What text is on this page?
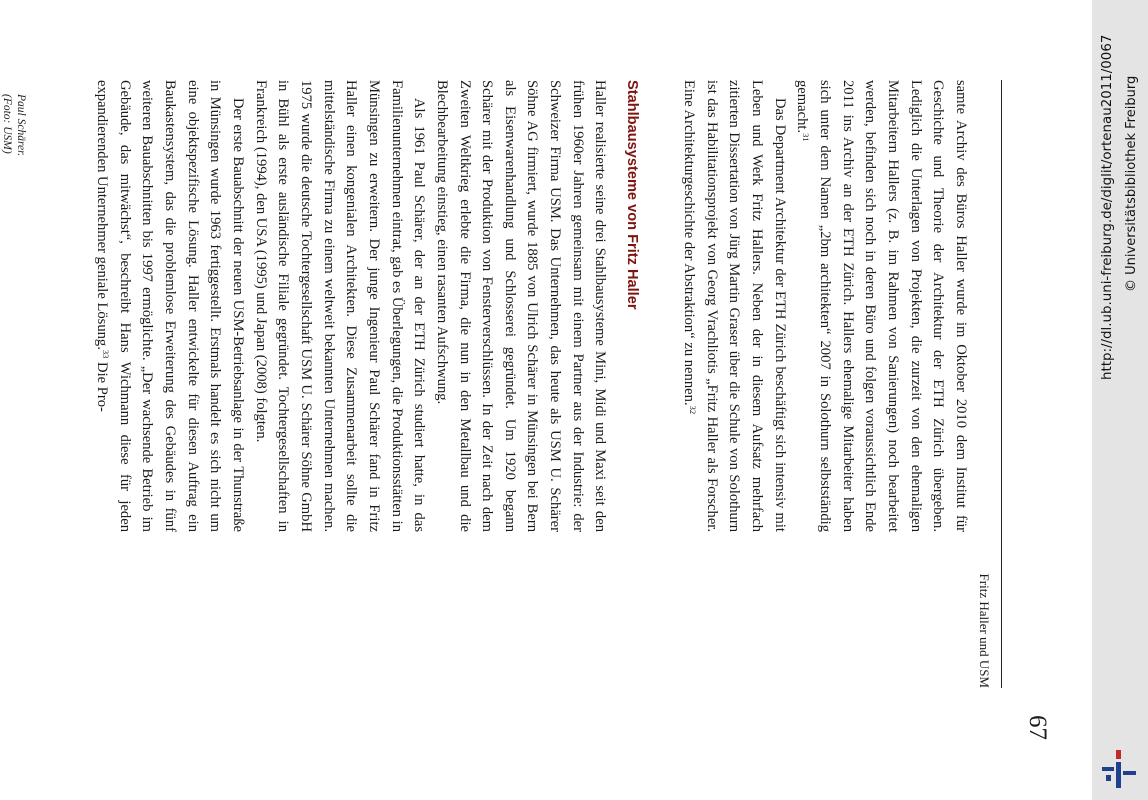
Fritz Haller und USM
67

samte Archiv des Büros Haller wurde im Oktober 2010 dem Institut für Geschichte und Theorie der Architektur der ETH Zürich übergeben. Lediglich die Unterlagen von Projekten, die zurzeit von den ehemaligen Mitarbeitern Hallers (z. B. im Rahmen von Sanierungen) noch bearbeitet werden, befinden sich noch in deren Büro und folgen voraussichtlich Ende 2011 ins Archiv an der ETH Zürich. Hallers ehemalige Mitarbeiter haben sich unter dem Namen „2bm architekten“ 2007 in Solothurn selbstständig gemacht.$^{31}$

Das Department Architektur der ETH Zürich beschäftigt sich intensiv mit Leben und Werk Fritz Hallers. Neben der in diesem Aufsatz mehrfach zitierten Dissertation von Jürg Martin Graser über die Schule von Solothurn ist das Habilitationsprojekt von Georg Vrachliotis „Fritz Haller als Forscher. Eine Architekturgeschichte der Abstraktion“ zu nennen.$^{32}$

Stahlbausysteme von Fritz Haller

Haller realisierte seine drei Stahlbausysteme Mini, Midi und Maxi seit den frühen 1960er Jahren gemeinsam mit einem Partner aus der Industrie: der Schweizer Firma USM. Das Unternehmen, das heute als USM U. Schärer Söhne AG firmiert, wurde 1885 von Ulrich Schärer in Münsingen bei Bern als Eisenwarenhandlung und Schlosserei gegründet. Um 1920 begann Schärer mit der Produktion von Fensterverschlüssen. In der Zeit nach dem Zweiten Weltkrieg erlebte die Firma, die nun in den Metallbau und die Blechbearbeitung einstieg, einen rasanten Aufschwung.

Als 1961 Paul Schärer, der an der ETH Zürich studiert hatte, in das Familienunternehmen eintrat, gab es Überlegungen, die Produktionsstätten in Münsingen zu erweitern. Der junge Ingenieur Paul Schärer fand in Fritz Haller einen kongenialen Architekten. Diese Zusammenarbeit sollte die mittelständische Firma zu einem weltweit bekannten Unternehmen machen. 1975 wurde die deutsche Tochtergesellschaft USM U. Schärer Söhne GmbH in Bühl als erste ausländische Filiale gegründet. Tochtergesellschaften in Frankreich (1994), den USA (1995) und Japan (2008) folgten.

Der erste Bauabschnitt der neuen USM-Betriebsanlage in der Thunstraße in Münsingen wurde 1963 fertiggestellt. Erstmals handelt es sich nicht um eine objektspezifische Lösung. Haller entwickelte für diesen Auftrag ein Baukastensystem, das die problemlose Erweiterung des Gebäudes in fünf weiteren Bauabschnitten bis 1997 ermöglichte. „Der wachsende Betrieb im Gebäude, das mitwächst“, beschreibt Hans Wichmann diese für jeden expandierenden Unternehmer geniale Lösung.$^{33}$ Die Pro-

Paul Schärer.
(Foto: USM)	http://dl.ub.uni-freiburg.de/diglit/ortenau2011/0067 © Universitätsbibliothek Freiburg
